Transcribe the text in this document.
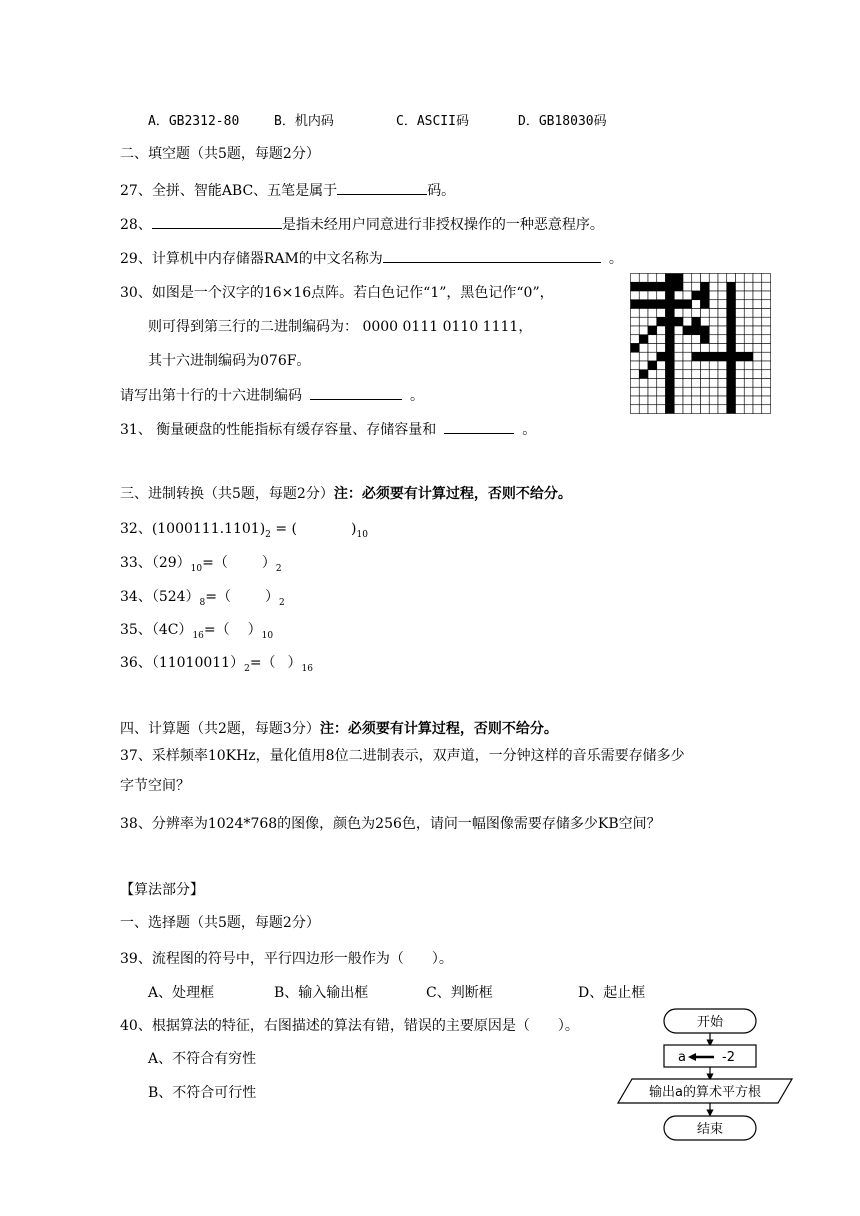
A．GB2312-80	B．机内码	C．ASCII码	D．GB18030码
二、填空题（共5题，每题2分）
27、全拼、智能ABC、五笔是属于	码。
28、	是指未经用户同意进行非授权操作的一种恶意程序。
29、计算机中内存储器RAM的中文名称为	。
30、如图是一个汉字的16×16点阵。若白色记作“1”，黑色记作“0”，
则可得到第三行的二进制编码为： 0000 0111 0110 1111，
其十六进制编码为076F。
请写出第十行的十六进制编码	。
31、 衡量硬盘的性能指标有缓存容量、存储容量和	。
三、进制转换（共5题，每题2分）注：必须要有计算过程，否则不给分。
32、$(1000111.1101)_2$ = (	)$_{10}$
33、$(29)_{10}=$（ ）$_2$
34、$(524)_8=$（ ）$_2$
35、$(4C)_{16}=$（ ）$_{10}$
36、$(11010011)_2=$（ ）$_{16}$
四、计算题（共2题，每题3分）注：必须要有计算过程，否则不给分。
37、采样频率10KHz，量化值用8位二进制表示，双声道，一分钟这样的音乐需要存储多少
字节空间？
38、分辨率为1024*768的图像，颜色为256色，请问一幅图像需要存储多少KB空间？
【算法部分】
一、选择题（共5题，每题2分）
39、流程图的符号中，平行四边形一般作为（　　）。
A、处理框	B、输入输出框	C、判断框	D、起止框
40、根据算法的特征，右图描述的算法有错，错误的主要原因是（　　）。
A、不符合有穷性
B、不符合可行性
开始
a	-2
输出a的算术平方根
结束
